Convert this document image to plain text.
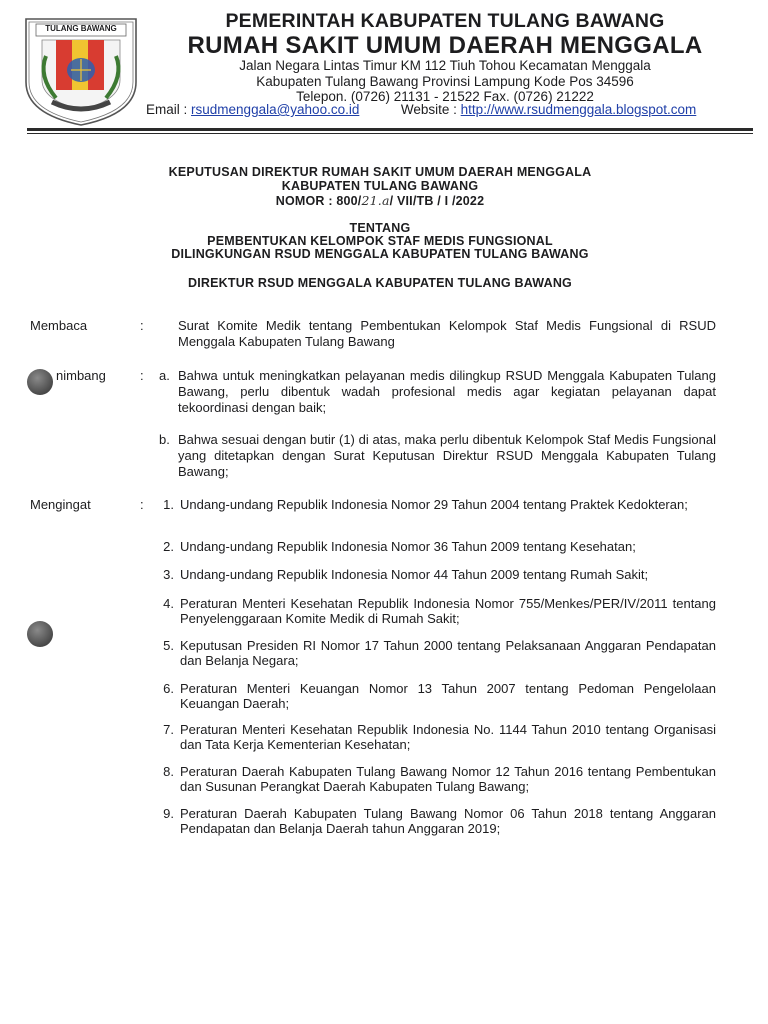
TULANG BAWANG	PEMERINTAH KABUPATEN TULANG BAWANG
RUMAH SAKIT UMUM DAERAH MENGGALA
Jalan Negara Lintas Timur KM 112 Tiuh Tohou Kecamatan Menggala
Kabupaten Tulang Bawang Provinsi Lampung Kode Pos 34596
Telepon. (0726) 21131 - 21522 Fax. (0726) 21222
Email : rsudmenggala@yahoo.co.id	Website : http://www.rsudmenggala.blogspot.com
KEPUTUSAN DIREKTUR RUMAH SAKIT UMUM DAERAH MENGGALA
KABUPATEN TULANG BAWANG
NOMOR : 800/21.a/ VII/TB / I /2022
TENTANG
PEMBENTUKAN KELOMPOK STAF MEDIS FUNGSIONAL
DILINGKUNGAN RSUD MENGGALA KABUPATEN TULANG BAWANG
DIREKTUR RSUD MENGGALA KABUPATEN TULANG BAWANG
Membaca	:	Surat Komite Medik tentang Pembentukan Kelompok Staf Medis Fungsional di RSUD Menggala Kabupaten Tulang Bawang
nimbang	: a. Bahwa untuk meningkatkan pelayanan medis dilingkup RSUD Menggala Kabupaten Tulang Bawang, perlu dibentuk wadah profesional medis agar kegiatan pelayanan dapat tekoordinasi dengan baik;
b. Bahwa sesuai dengan butir (1) di atas, maka perlu dibentuk Kelompok Staf Medis Fungsional yang ditetapkan dengan Surat Keputusan Direktur RSUD Menggala Kabupaten Tulang Bawang;
Mengingat	:	1. Undang-undang Republik Indonesia Nomor 29 Tahun 2004 tentang Praktek Kedokteran;
2. Undang-undang Republik Indonesia Nomor 36 Tahun 2009 tentang Kesehatan;
3. Undang-undang Republik Indonesia Nomor 44 Tahun 2009 tentang Rumah Sakit;
4. Peraturan Menteri Kesehatan Republik Indonesia Nomor 755/Menkes/PER/IV/2011 tentang Penyelenggaraan Komite Medik di Rumah Sakit;
5. Keputusan Presiden RI Nomor 17 Tahun 2000 tentang Pelaksanaan Anggaran Pendapatan dan Belanja Negara;
6. Peraturan Menteri Keuangan Nomor 13 Tahun 2007 tentang Pedoman Pengelolaan Keuangan Daerah;
7. Peraturan Menteri Kesehatan Republik Indonesia No. 1144 Tahun 2010 tentang Organisasi dan Tata Kerja Kementerian Kesehatan;
8. Peraturan Daerah Kabupaten Tulang Bawang Nomor 12 Tahun 2016 tentang Pembentukan dan Susunan Perangkat Daerah Kabupaten Tulang Bawang;
9. Peraturan Daerah Kabupaten Tulang Bawang Nomor 06 Tahun 2018 tentang Anggaran Pendapatan dan Belanja Daerah tahun Anggaran 2019;
